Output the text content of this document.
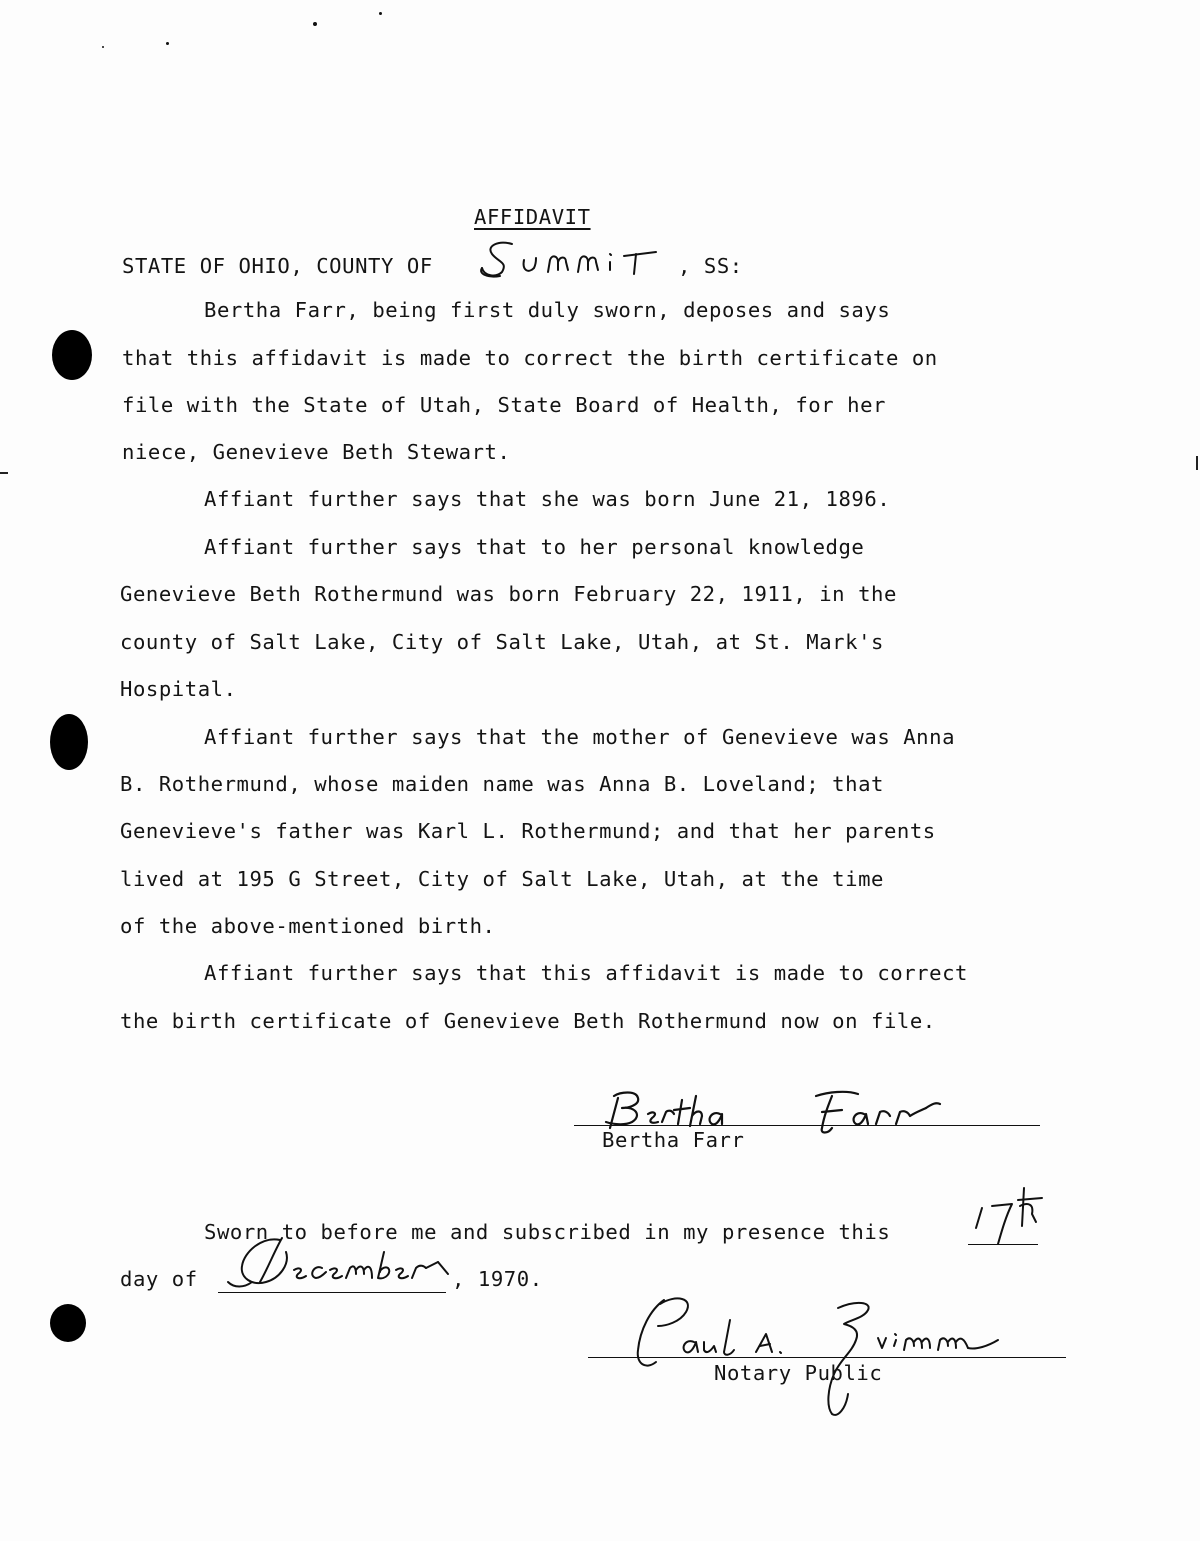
AFFIDAVIT
STATE OF OHIO, COUNTY OF	, SS:
Bertha Farr, being first duly sworn, deposes and says
that this affidavit is made to correct the birth certificate on
file with the State of Utah, State Board of Health, for her
niece, Genevieve Beth Stewart.
Affiant further says that she was born June 21, 1896.
Affiant further says that to her personal knowledge
Genevieve Beth Rothermund was born February 22, 1911, in the
county of Salt Lake, City of Salt Lake, Utah, at St. Mark's
Hospital.
Affiant further says that the mother of Genevieve was Anna
B. Rothermund, whose maiden name was Anna B. Loveland; that
Genevieve's father was Karl L. Rothermund; and that her parents
lived at 195 G Street, City of Salt Lake, Utah, at the time
of the above-mentioned birth.
Affiant further says that this affidavit is made to correct
the birth certificate of Genevieve Beth Rothermund now on file.
Bertha Farr
Sworn to before me and subscribed in my presence this
day of	, 1970.
Notary Public
